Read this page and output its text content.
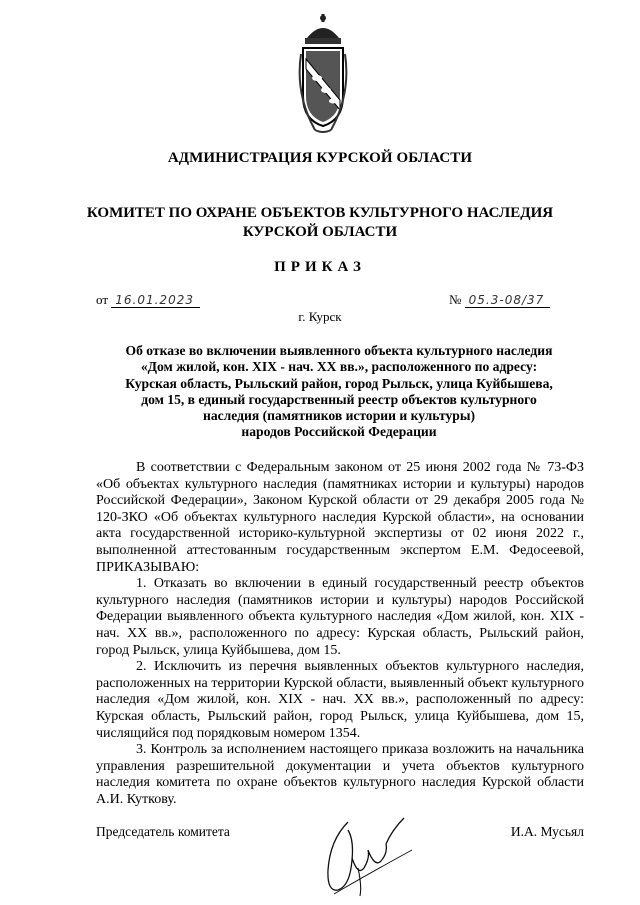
АДМИНИСТРАЦИЯ КУРСКОЙ ОБЛАСТИ
КОМИТЕТ ПО ОХРАНЕ ОБЪЕКТОВ КУЛЬТУРНОГО НАСЛЕДИЯ
КУРСКОЙ ОБЛАСТИ
ПРИКАЗ
от 16.01.2023	№ 05.3-08/37
г. Курск
Об отказе во включении выявленного объекта культурного наследия
«Дом жилой, кон. XIX - нач. XX вв.», расположенного по адресу:
Курская область, Рыльский район, город Рыльск, улица Куйбышева,
дом 15, в единый государственный реестр объектов культурного
наследия (памятников истории и культуры)
народов Российской Федерации

В соответствии с Федеральным законом от 25 июня 2002 года № 73-ФЗ «Об объектах культурного наследия (памятниках истории и культуры) народов Российской Федерации», Законом Курской области от 29 декабря 2005 года № 120-ЗКО «Об объектах культурного наследия Курской области», на основании акта государственной историко-культурной экспертизы от 02 июня 2022 г., выполненной аттестованным государственным экспертом Е.М. Федосеевой, ПРИКАЗЫВАЮ:

1. Отказать во включении в единый государственный реестр объектов культурного наследия (памятников истории и культуры) народов Российской Федерации выявленного объекта культурного наследия «Дом жилой, кон. XIX - нач. XX вв.», расположенного по адресу: Курская область, Рыльский район, город Рыльск, улица Куйбышева, дом 15.

2. Исключить из перечня выявленных объектов культурного наследия, расположенных на территории Курской области, выявленный объект культурного наследия «Дом жилой, кон. XIX - нач. XX вв.», расположенный по адресу: Курская область, Рыльский район, город Рыльск, улица Куйбышева, дом 15, числящийся под порядковым номером 1354.

3. Контроль за исполнением настоящего приказа возложить на начальника управления разрешительной документации и учета объектов культурного наследия комитета по охране объектов культурного наследия Курской области А.И. Куткову.

Председатель комитета	И.А. Мусьял
